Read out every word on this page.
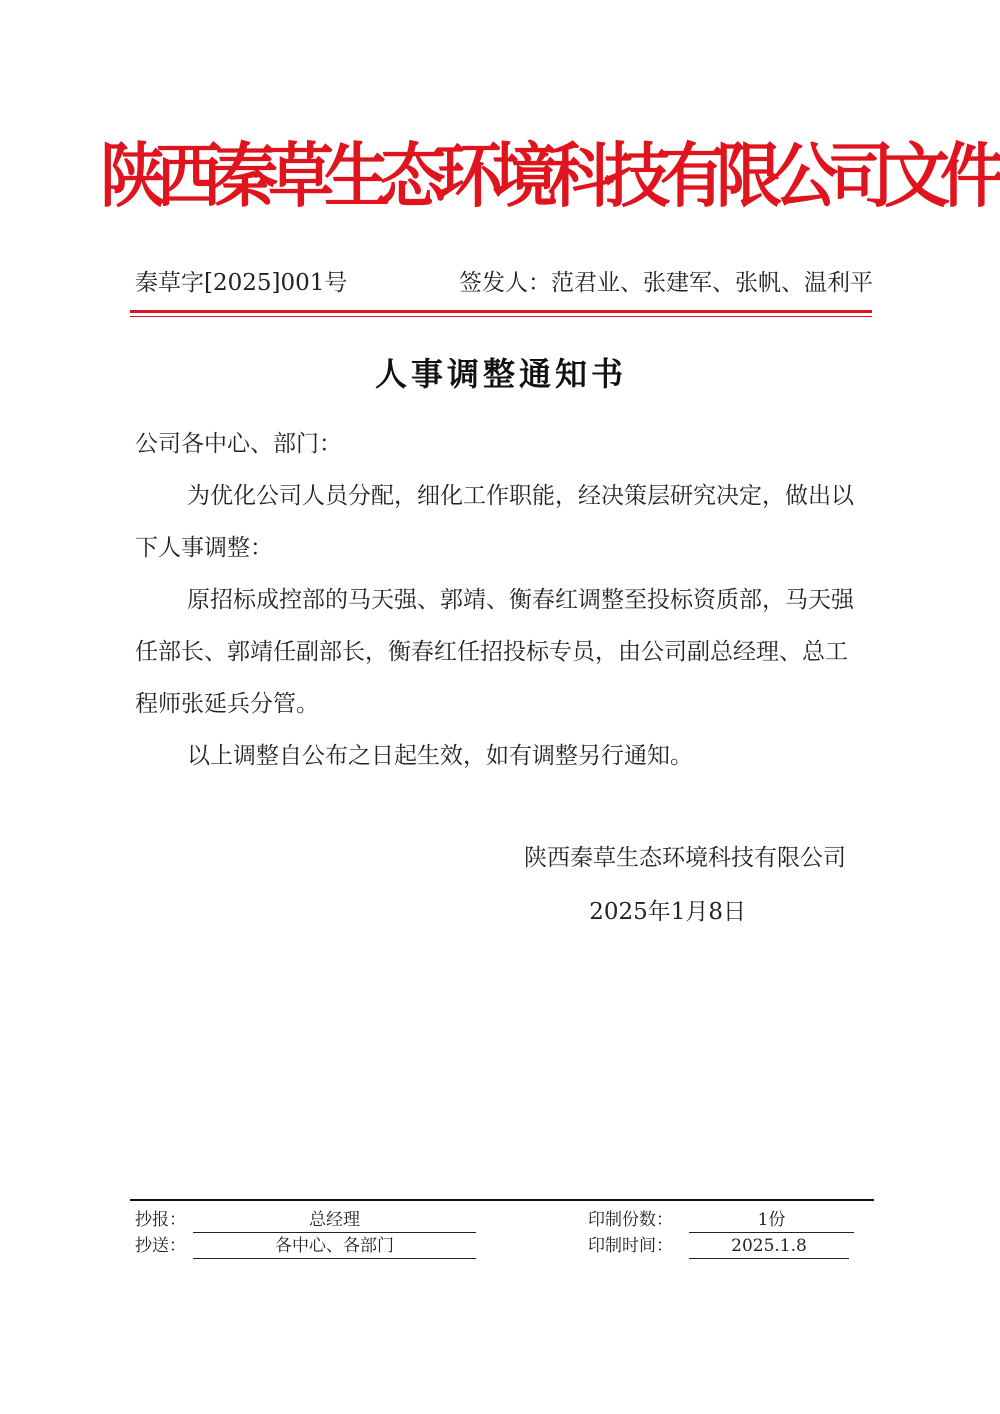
陕西秦草生态环境科技有限公司文件
秦草字[2025]001号	签发人：范君业、张建军、张帆、温利平
人事调整通知书

公司各中心、部门：

为优化公司人员分配，细化工作职能，经决策层研究决定，做出以下人事调整：

原招标成控部的马天强、郭靖、衡春红调整至投标资质部，马天强任部长、郭靖任副部长，衡春红任招投标专员，由公司副总经理、总工程师张延兵分管。

以上调整自公布之日起生效，如有调整另行通知。

陕西秦草生态环境科技有限公司
2025年1月8日
抄报：	总经理	印制份数：	1份
抄送：	各中心、各部门	印制时间：	2025.1.8
